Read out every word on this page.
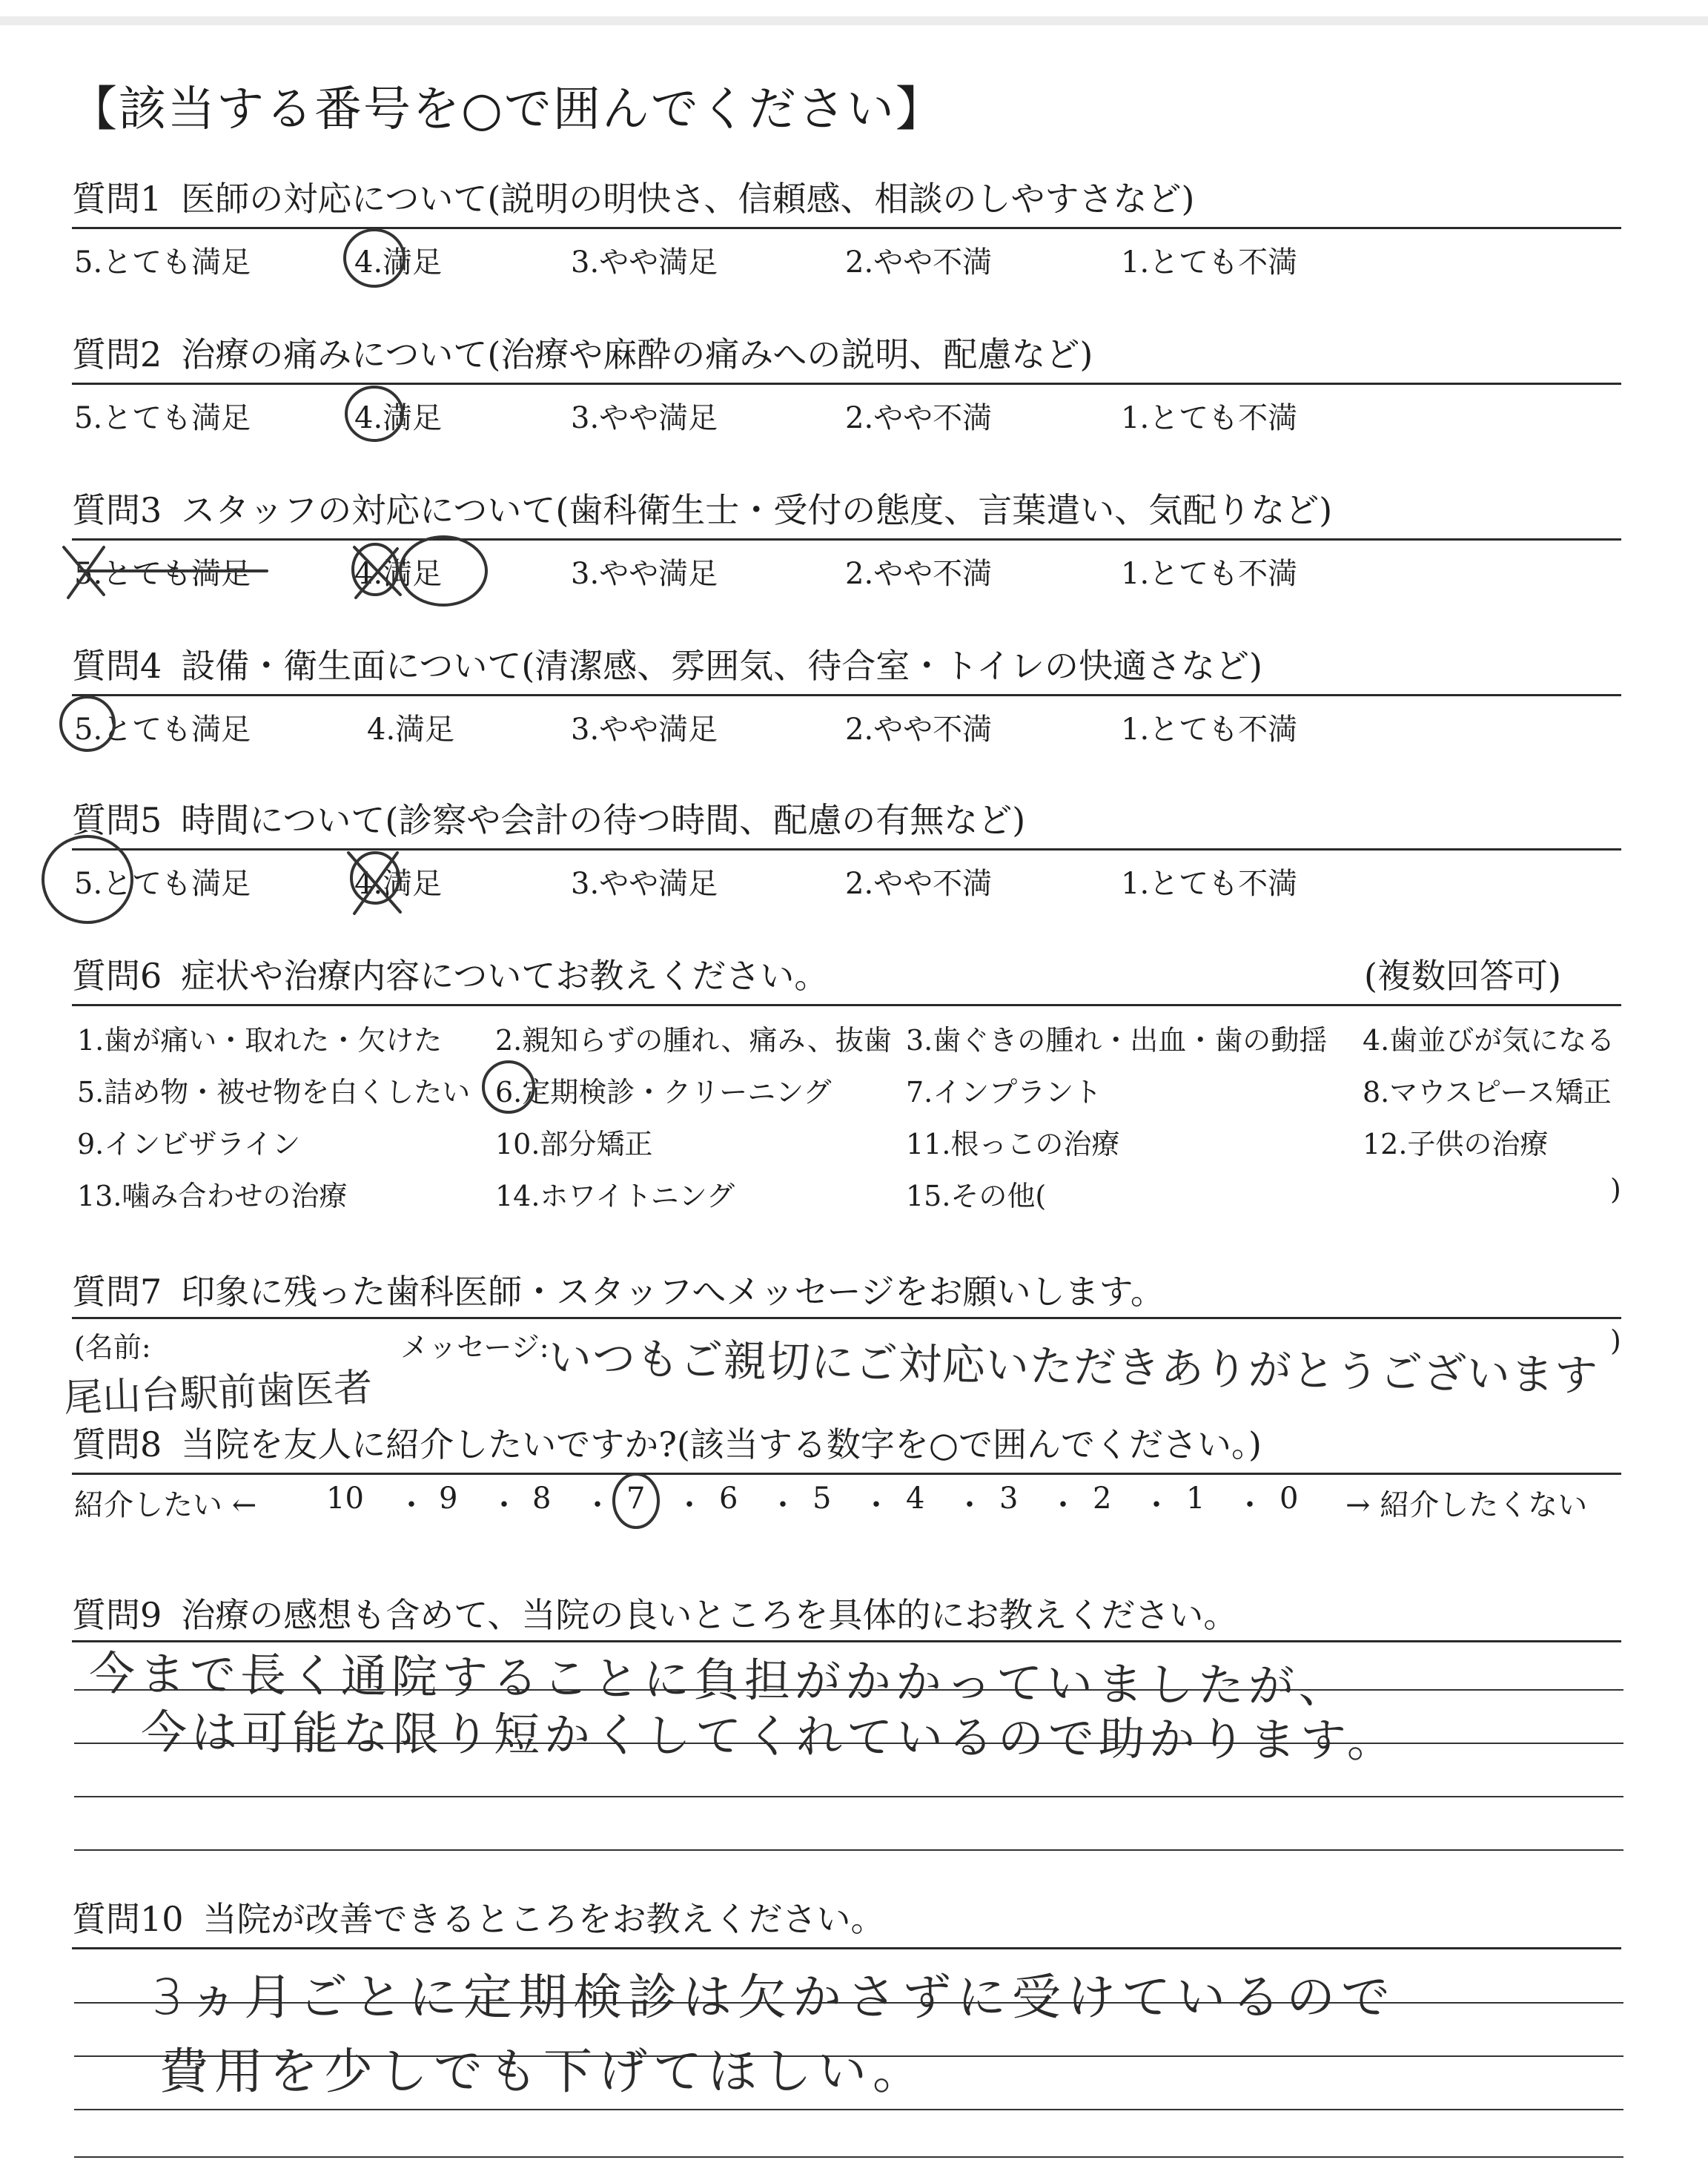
【該当する番号を○で囲んでください】
質問1 医師の対応について(説明の明快さ、信頼感、相談のしやすさなど)
5.とても満足	4.満足	3.やや満足	2.やや不満	1.とても不満
質問2 治療の痛みについて(治療や麻酔の痛みへの説明、配慮など)
5.とても満足	4.満足	3.やや満足	2.やや不満	1.とても不満
質問3 スタッフの対応について(歯科衛生士・受付の態度、言葉遣い、気配りなど)
5.とても満足	4.満足	3.やや満足	2.やや不満	1.とても不満
質問4 設備・衛生面について(清潔感、雰囲気、待合室・トイレの快適さなど)
5.とても満足	4.満足	3.やや満足	2.やや不満	1.とても不満
質問5 時間について(診察や会計の待つ時間、配慮の有無など)
5.とても満足	4.満足	3.やや満足	2.やや不満	1.とても不満
質問6 症状や治療内容についてお教えください。	(複数回答可)
1.歯が痛い・取れた・欠けた 2.親知らずの腫れ、痛み、抜歯 3.歯ぐきの腫れ・出血・歯の動揺 4.歯並びが気になる
5.詰め物・被せ物を白くしたい 6.定期検診・クリーニング	7.インプラント	8.マウスピース矯正
9.インビザライン	10.部分矯正	11.根っこの治療	12.子供の治療
13.噛み合わせの治療	14.ホワイトニング	15.その他(	)
質問7 印象に残った歯科医師・スタッフへメッセージをお願いします。
(名前:	メッセージ:	)
尾山台駅前歯医者	いつもご親切にご対応いただきありがとうございます
質問8 当院を友人に紹介したいですか?(該当する数字を○で囲んでください。)
紹介したい ←	→ 紹介したくない
10 ・ 9 ・ 8 ・ 7 ・ 6 ・ 5 ・ 4 ・ 3 ・ 2 ・ 1 ・ 0
質問9 治療の感想も含めて、当院の良いところを具体的にお教えください。
今まで長く通院することに負担がかかっていましたが、
今は可能な限り短かくしてくれているので助かります。
質問10 当院が改善できるところをお教えください。
3ヵ月ごとに定期検診は欠かさずに受けているので
費用を少しでも下げてほしい。
